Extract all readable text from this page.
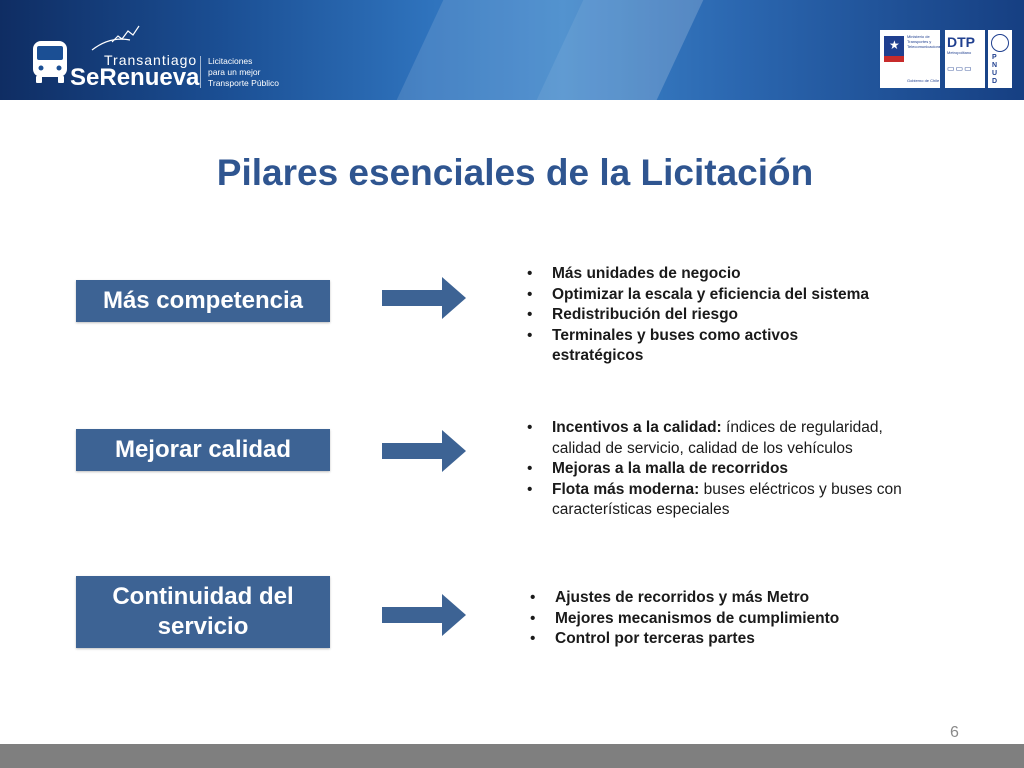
Transantiago
SeRenueva
Licitaciones
para un mejor
Transporte Público
★
Ministerio de Transportes y Telecomunicaciones
Gobierno de Chile
DTP
Metropolitano
▭▭▭
PNUD
Pilares esenciales de la Licitación
Más competencia
Mejorar calidad
Continuidad del servicio
• Más unidades de negocio
• Optimizar la escala y eficiencia del sistema
• Redistribución del riesgo
• Terminales y buses como activos estratégicos
• Incentivos a la calidad: índices de regularidad, calidad de servicio, calidad de los vehículos
• Mejoras a la malla de recorridos
• Flota más moderna: buses eléctricos y buses con características especiales
• Ajustes de recorridos y más Metro
• Mejores mecanismos de cumplimiento
• Control por terceras partes
6
